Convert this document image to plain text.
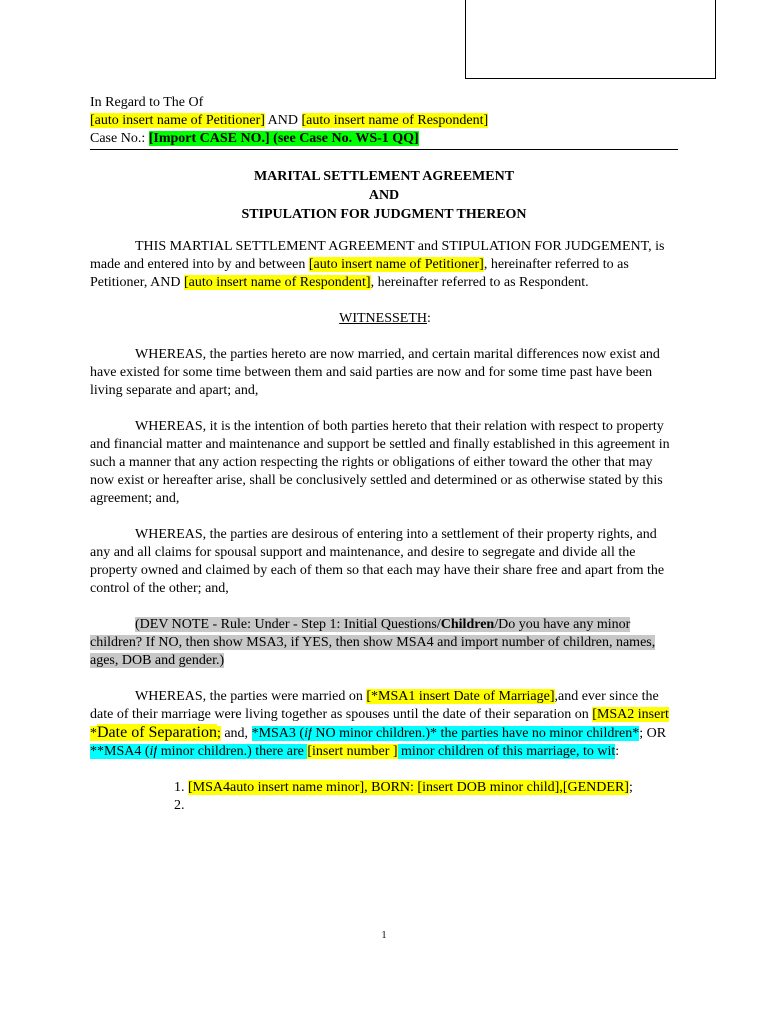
In Regard to The Of

[auto insert name of Petitioner] AND [auto insert name of Respondent]

Case No.: [Import CASE NO.] (see Case No. WS-1 QQ]

MARITAL SETTLEMENT AGREEMENT
AND
STIPULATION FOR JUDGMENT THEREON

THIS MARTIAL SETTLEMENT AGREEMENT and STIPULATION FOR JUDGEMENT, is made and entered into by and between [auto insert name of Petitioner], hereinafter referred to as Petitioner, AND [auto insert name of Respondent], hereinafter referred to as Respondent.

WITNESSETH:

WHEREAS, the parties hereto are now married, and certain marital differences now exist and have existed for some time between them and said parties are now and for some time past have been living separate and apart; and,

WHEREAS, it is the intention of both parties hereto that their relation with respect to property and financial matter and maintenance and support be settled and finally established in this agreement in such a manner that any action respecting the rights or obligations of either toward the other that may now exist or hereafter arise, shall be conclusively settled and determined or as otherwise stated by this agreement; and,

WHEREAS, the parties are desirous of entering into a settlement of their property rights, and any and all claims for spousal support and maintenance, and desire to segregate and divide all the property owned and claimed by each of them so that each may have their share free and apart from the control of the other; and,

(DEV NOTE - Rule: Under - Step 1: Initial Questions/Children/Do you have any minor children? If NO, then show MSA3, if YES, then show MSA4 and import number of children, names, ages, DOB and gender.)

WHEREAS, the parties were married on [*MSA1 insert Date of Marriage],and ever since the date of their marriage were living together as spouses until the date of their separation on [MSA2 insert *Date of Separation; and, *MSA3 (if NO minor children.)* the parties have no minor children*; OR **MSA4 (if minor children.) there are [insert number ] minor children of this marriage, to wit:

1. [MSA4auto insert name minor], BORN: [insert DOB minor child],[GENDER];

2.

1
